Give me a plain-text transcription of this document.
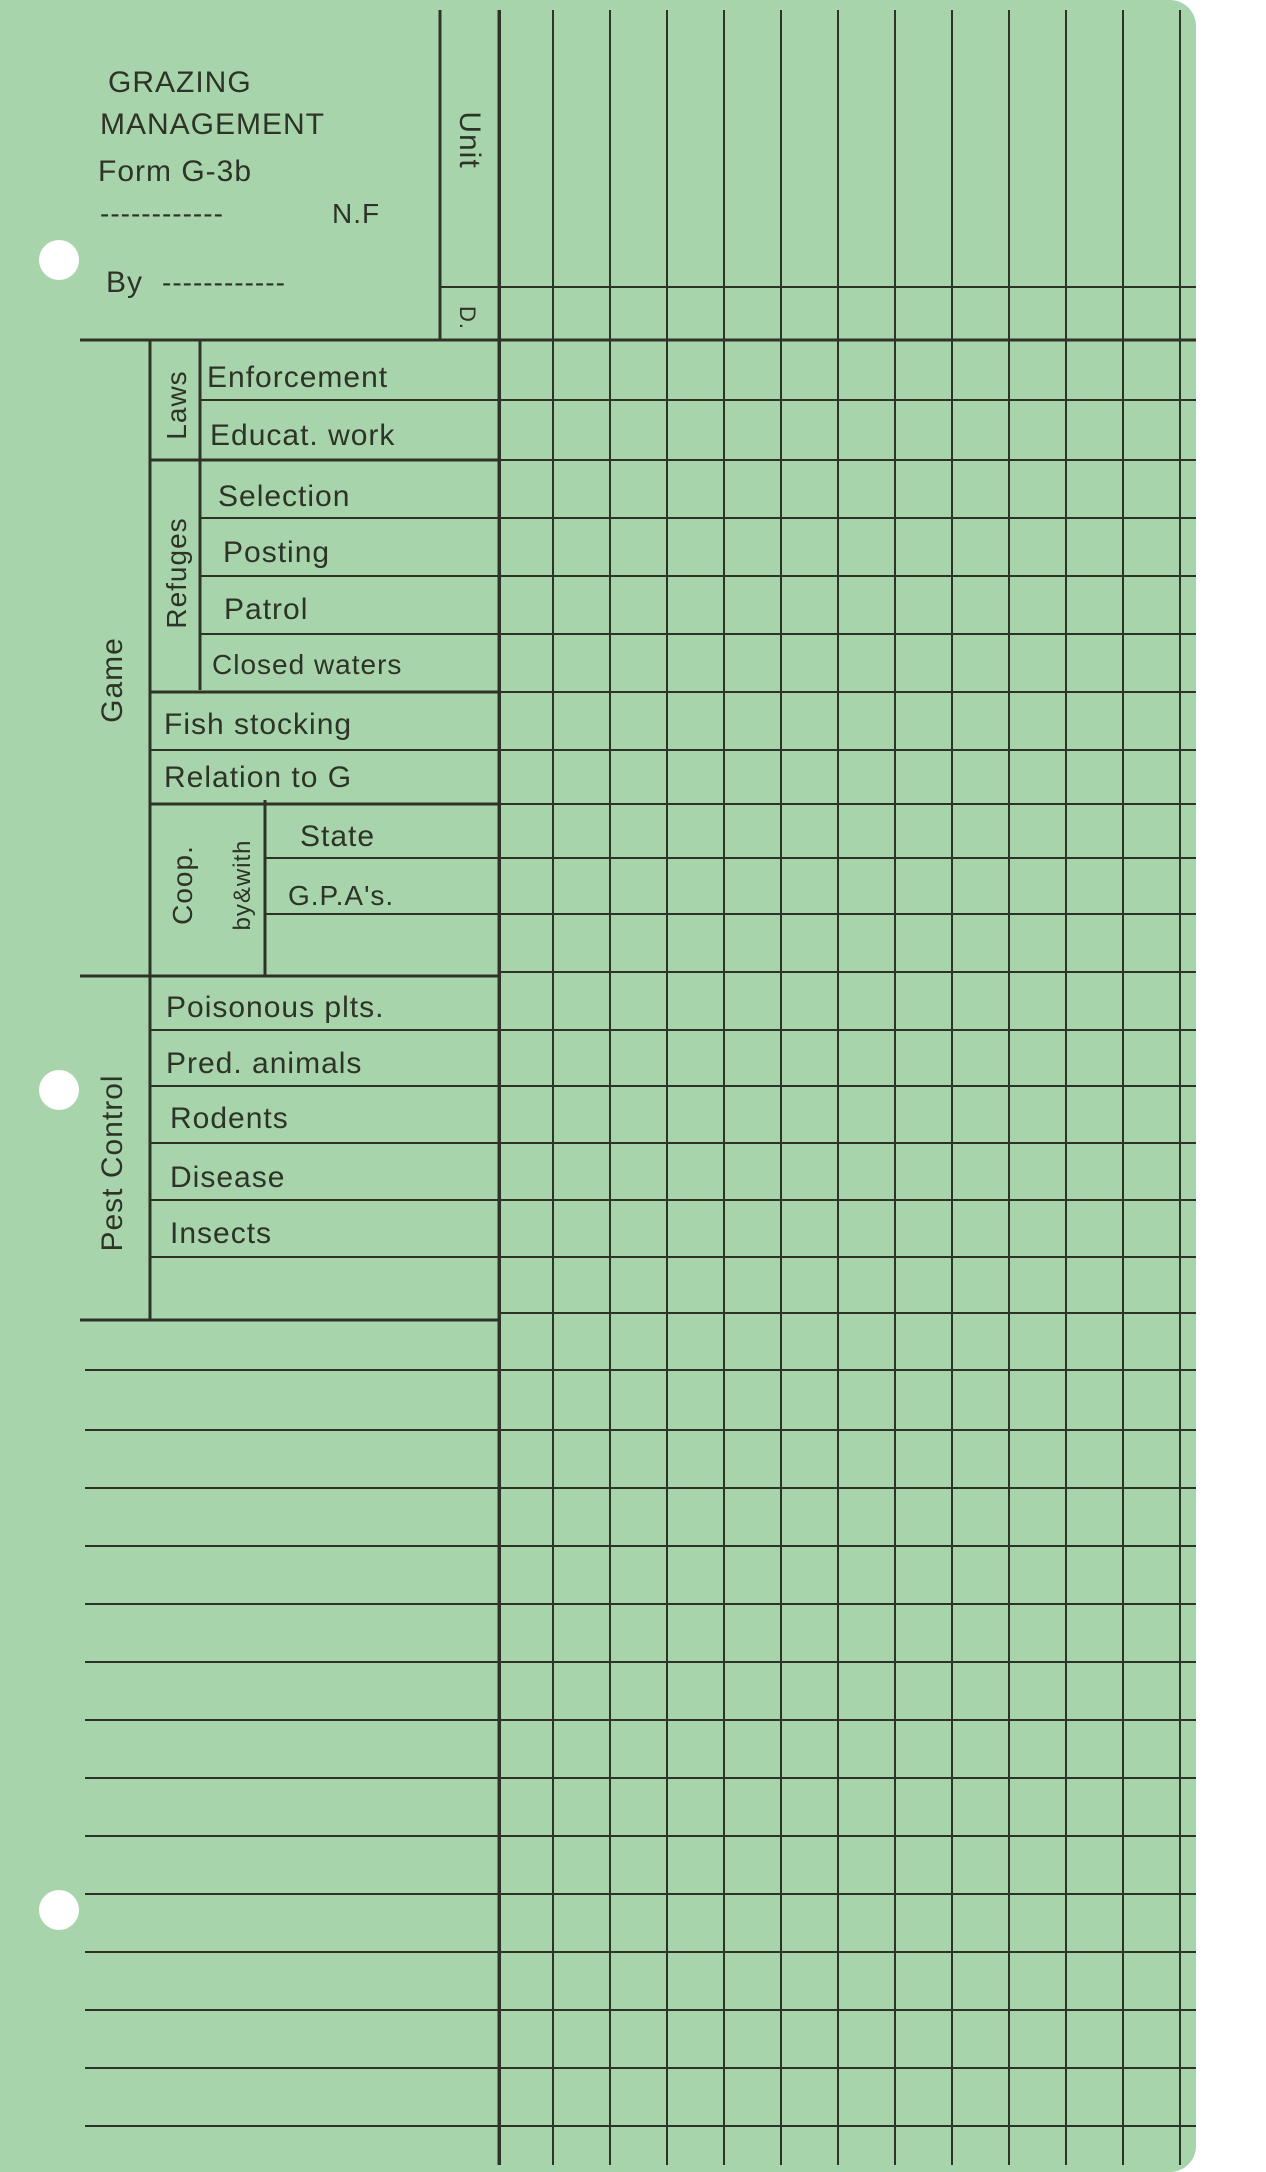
GRAZING
MANAGEMENT
Form G-3b
------------	N.F
By ------------
Unit
D.
Game
Laws Enforcement
Educat. work
Refuges
Selection
Posting
Patrol
Closed waters
Fish stocking
Relation to G
Coop. by&with
State
G.P.A's.
Pest Control
Poisonous plts.
Pred. animals
Rodents
Disease
Insects
